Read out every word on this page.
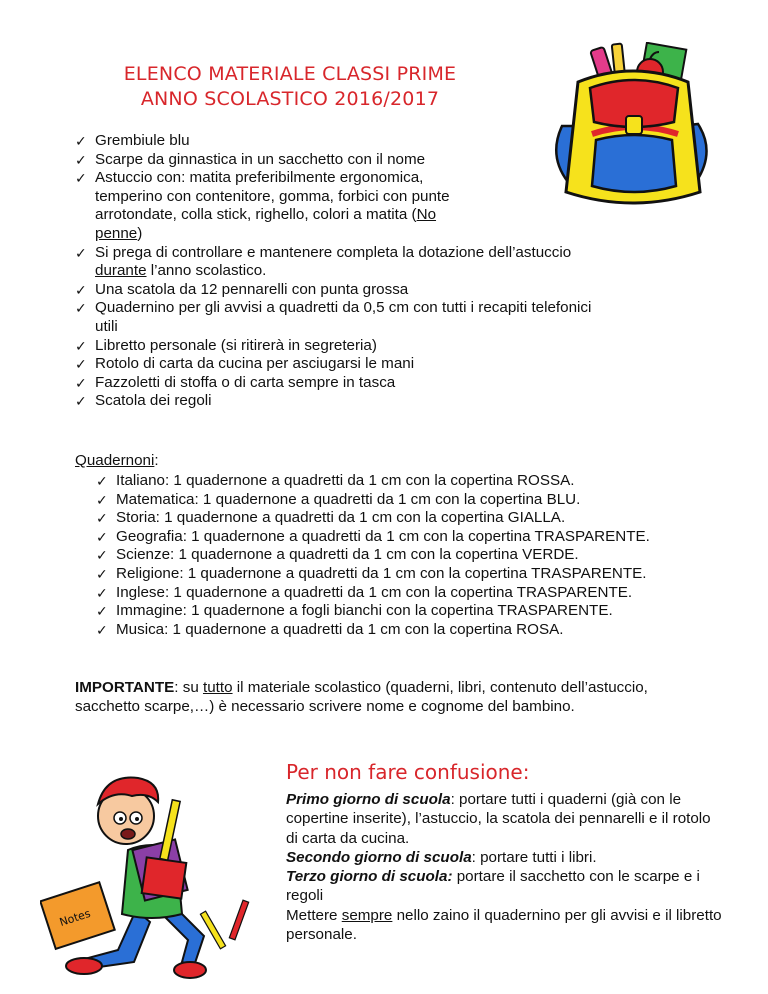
ELENCO MATERIALE CLASSI PRIME
ANNO SCOLASTICO 2016/2017
✓ Grembiule blu
✓ Scarpe da ginnastica in un sacchetto con il nome
✓ Astuccio con: matita preferibilmente ergonomica,
temperino con contenitore, gomma, forbici con punte
arrotondate, colla stick, righello, colori a matita (No
penne)
✓ Si prega di controllare e mantenere completa la dotazione dell’astuccio
durante l’anno scolastico.
✓ Una scatola da 12 pennarelli con punta grossa
✓ Quadernino per gli avvisi a quadretti da 0,5 cm con tutti i recapiti telefonici
utili
✓ Libretto personale (si ritirerà in segreteria)
✓ Rotolo di carta da cucina per asciugarsi le mani
✓ Fazzoletti di stoffa o di carta sempre in tasca
✓ Scatola dei regoli
Quadernoni:
✓ Italiano: 1 quadernone a quadretti da 1 cm con la copertina ROSSA.
✓ Matematica: 1 quadernone a quadretti da 1 cm con la copertina BLU.
✓ Storia: 1 quadernone a quadretti da 1 cm con la copertina GIALLA.
✓ Geografia: 1 quadernone a quadretti da 1 cm con la copertina TRASPARENTE.
✓ Scienze: 1 quadernone a quadretti da 1 cm con la copertina VERDE.
✓ Religione: 1 quadernone a quadretti da 1 cm con la copertina TRASPARENTE.
✓ Inglese: 1 quadernone a quadretti da 1 cm con la copertina TRASPARENTE.
✓ Immagine: 1 quadernone a fogli bianchi con la copertina TRASPARENTE.
✓ Musica: 1 quadernone a quadretti da 1 cm con la copertina ROSA.
IMPORTANTE: su tutto il materiale scolastico (quaderni, libri, contenuto dell’astuccio, sacchetto scarpe,…) è necessario scrivere nome e cognome del bambino.
Notes
Per non fare confusione:
Primo giorno di scuola: portare tutti i quaderni (già con le copertine inserite), l’astuccio, la scatola dei pennarelli e il rotolo di carta da cucina.
Secondo giorno di scuola: portare tutti i libri.
Terzo giorno di scuola: portare il sacchetto con le scarpe e i regoli
Mettere sempre nello zaino il quadernino per gli avvisi e il libretto personale.
